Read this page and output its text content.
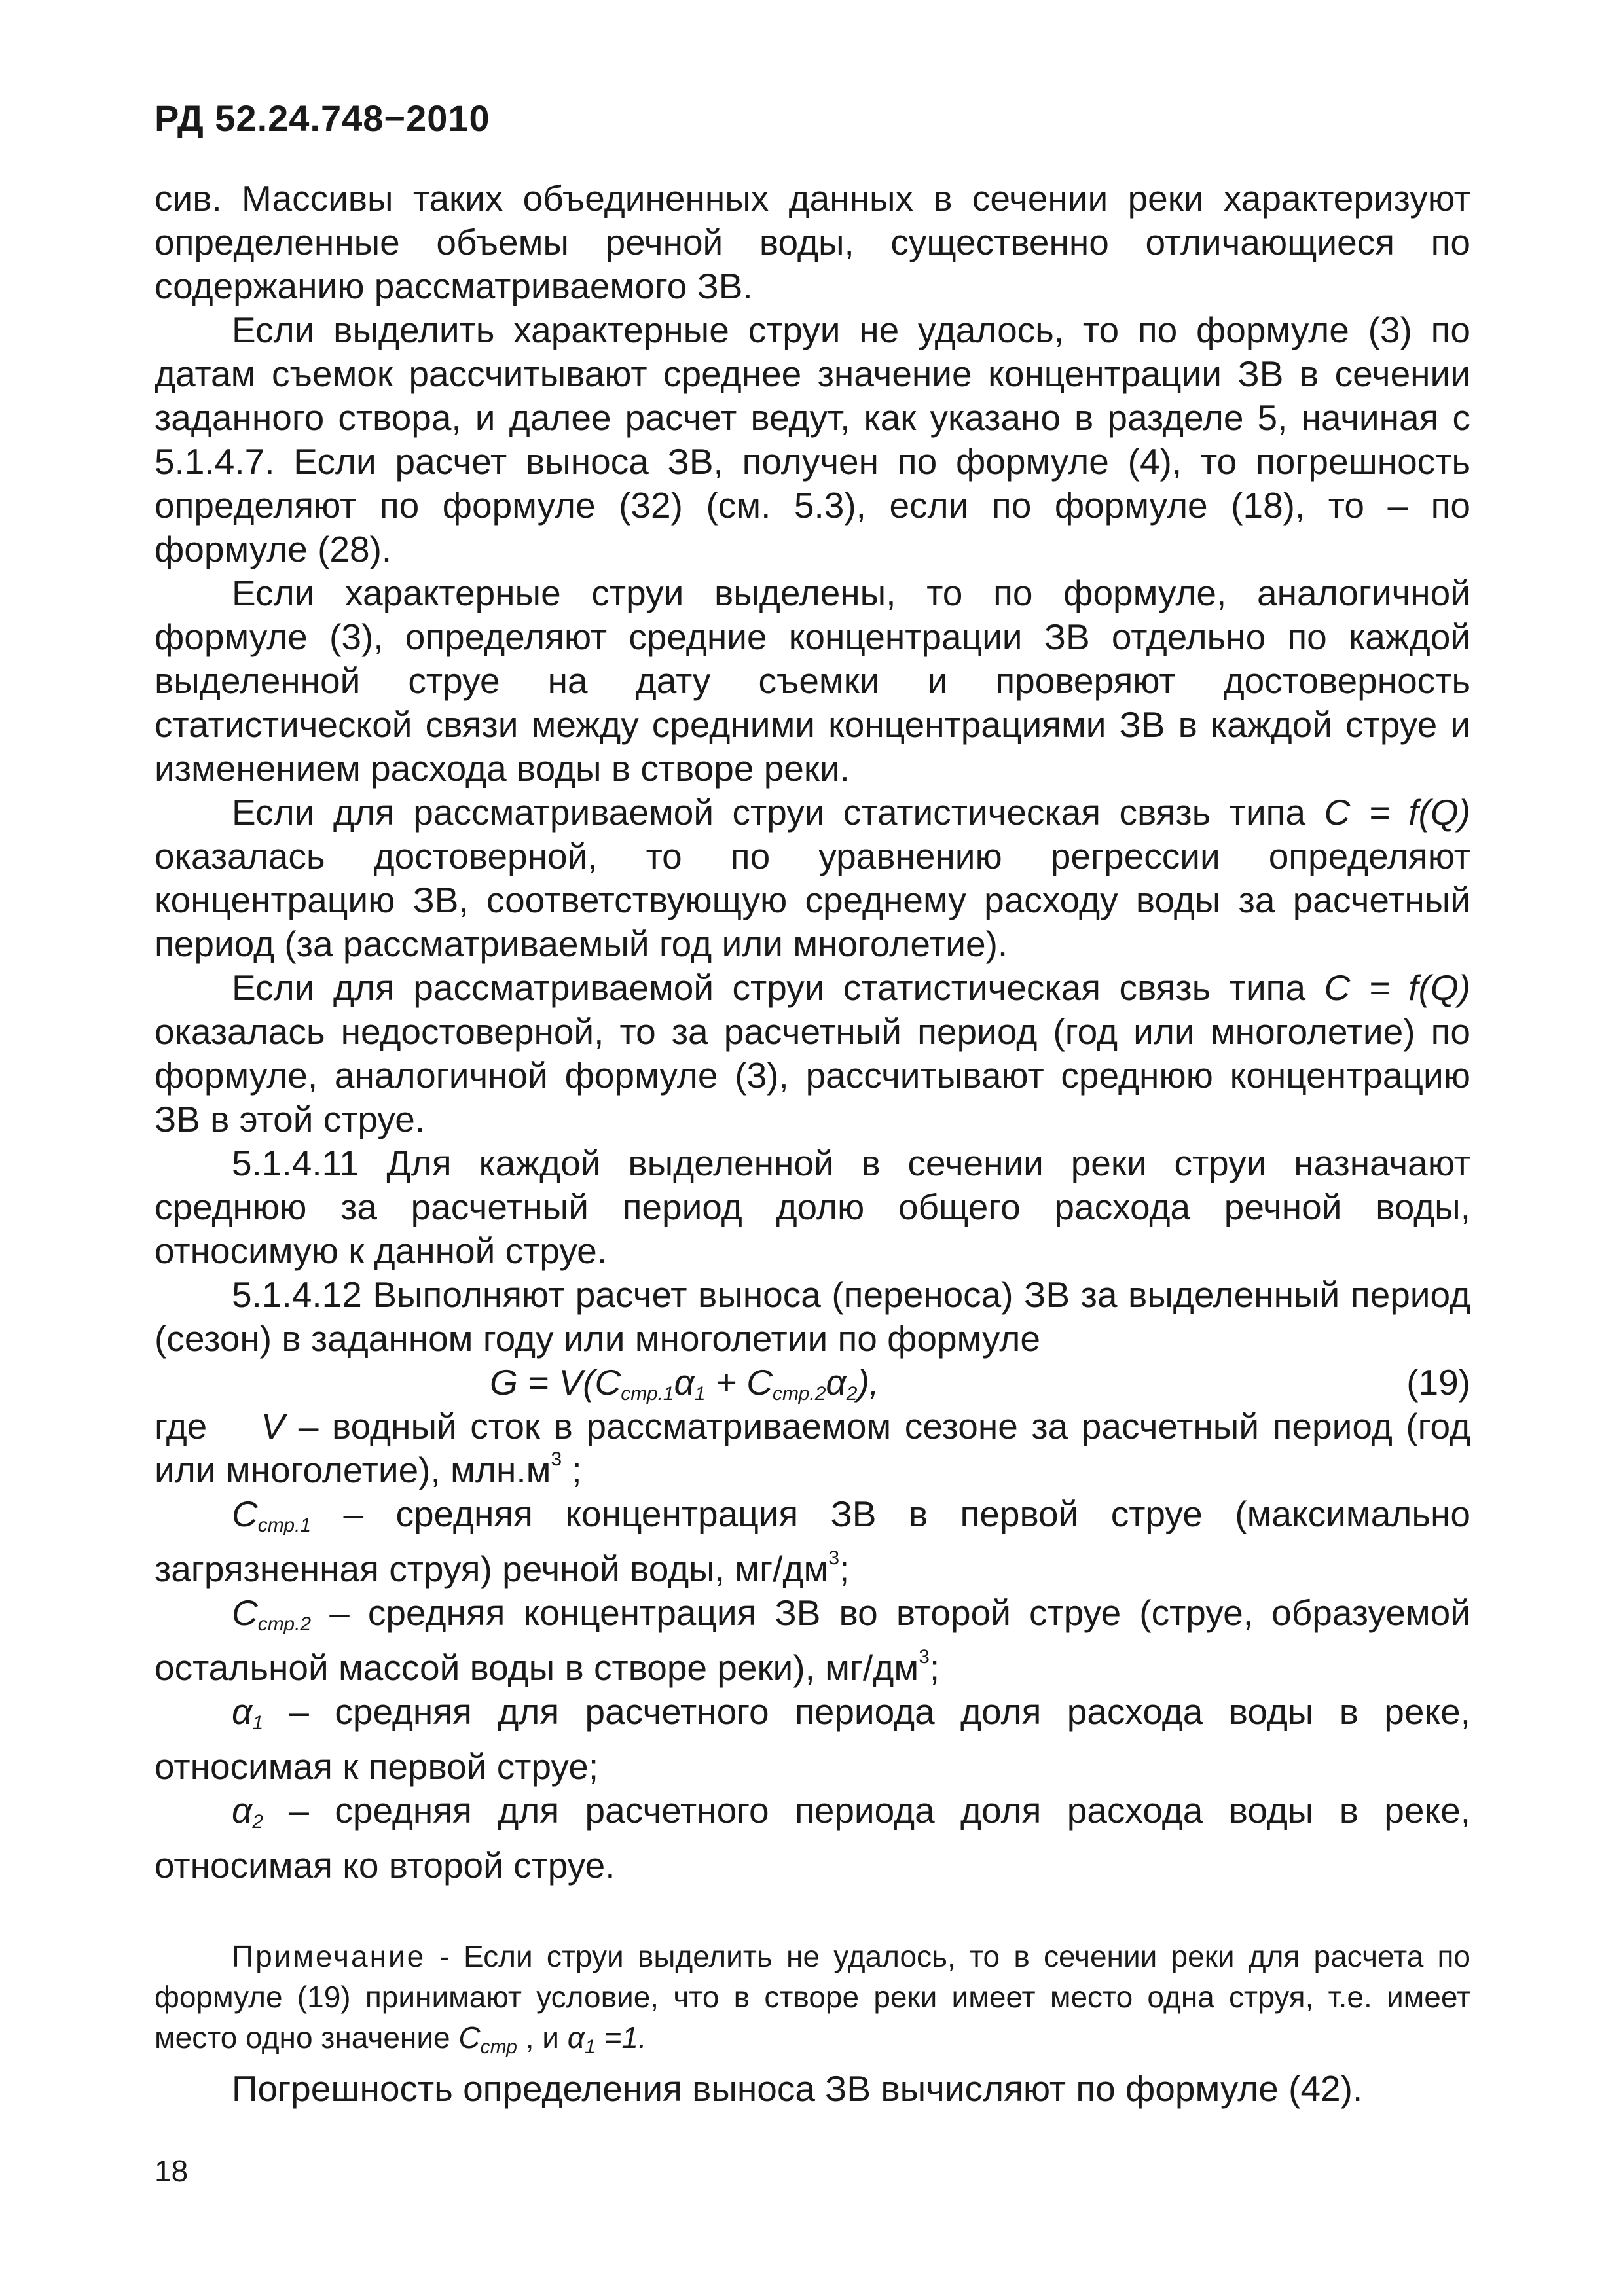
РД 52.24.748−2010

сив. Массивы таких объединенных данных в сечении реки характеризуют определенные объемы речной воды, существенно отличающиеся по содержанию рассматриваемого ЗВ.

Если выделить характерные струи не удалось, то по формуле (3) по датам съемок рассчитывают среднее значение концентрации ЗВ в сечении заданного створа, и далее расчет ведут, как указано в разделе 5, начиная с 5.1.4.7. Если расчет выноса ЗВ, получен по формуле (4), то погрешность определяют по формуле (32) (см. 5.3), если по формуле (18), то – по формуле (28).

Если характерные струи выделены, то по формуле, аналогичной формуле (3), определяют средние концентрации ЗВ отдельно по каждой выделенной струе на дату съемки и проверяют достоверность статистической связи между средними концентрациями ЗВ в каждой струе и изменением расхода воды в створе реки.

Если для рассматриваемой струи статистическая связь типа C = f(Q) оказалась достоверной, то по уравнению регрессии определяют концентрацию ЗВ, соответствующую среднему расходу воды за расчетный период (за рассматриваемый год или многолетие).

Если для рассматриваемой струи статистическая связь типа C = f(Q) оказалась недостоверной, то за расчетный период (год или многолетие) по формуле, аналогичной формуле (3), рассчитывают среднюю концентрацию ЗВ в этой струе.

5.1.4.11 Для каждой выделенной в сечении реки струи назначают среднюю за расчетный период долю общего расхода речной воды, относимую к данной струе.

5.1.4.12 Выполняют расчет выноса (переноса) ЗВ за выделенный период (сезон) в заданном году или многолетии по формуле

$G = V(C_{стр.1}\alpha_1 + C_{стр.2}\alpha_2)$,	(19)

где V – водный сток в рассматриваемом сезоне за расчетный период (год или многолетие), $млн.м^3$ ;

$C_{стр.1}$ – средняя концентрация ЗВ в первой струе (максимально загрязненная струя) речной воды, $мг/дм^3$;

$C_{стр.2}$ – средняя концентрация ЗВ во второй струе (струе, образуемой остальной массой воды в створе реки), $мг/дм^3$;

$\alpha_1$ – средняя для расчетного периода доля расхода воды в реке, относимая к первой струе;

$\alpha_2$ – средняя для расчетного периода доля расхода воды в реке, относимая ко второй струе.

Примечание - Если струи выделить не удалось, то в сечении реки для расчета по формуле (19) принимают условие, что в створе реки имеет место одна струя, т.е. имеет место одно значение $C_{стр}$ , и $\alpha_1 =1$.
Погрешность определения выноса ЗВ вычисляют по формуле (42).
18
